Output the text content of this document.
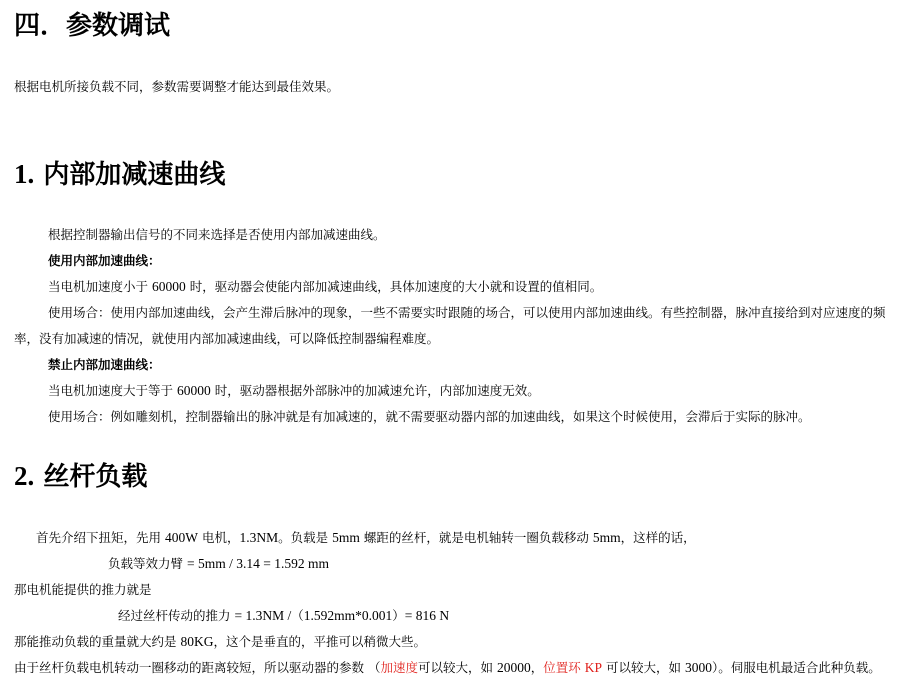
四．参数调试

根据电机所接负载不同，参数需要调整才能达到最佳效果。

1. 内部加减速曲线

根据控制器输出信号的不同来选择是否使用内部加减速曲线。

使用内部加速曲线：

当电机加速度小于 60000 时，驱动器会使能内部加减速曲线，具体加速度的大小就和设置的值相同。

使用场合：使用内部加速曲线，会产生滞后脉冲的现象，一些不需要实时跟随的场合，可以使用内部加速曲线。有些控制器，脉冲直接给到对应速度的频

率，没有加减速的情况，就使用内部加减速曲线，可以降低控制器编程难度。

禁止内部加速曲线：

当电机加速度大于等于 60000 时，驱动器根据外部脉冲的加减速允许，内部加速度无效。

使用场合：例如雕刻机，控制器输出的脉冲就是有加减速的，就不需要驱动器内部的加速曲线，如果这个时候使用，会滞后于实际的脉冲。

2. 丝杆负载

首先介绍下扭矩，先用 400W 电机，1.3NM。负载是 5mm 螺距的丝杆，就是电机轴转一圈负载移动 5mm，这样的话，

负载等效力臂 = 5mm / 3.14 = 1.592 mm

那电机能提供的推力就是

经过丝杆传动的推力 = 1.3NM /（1.592mm*0.001）= 816 N

那能推动负载的重量就大约是 80KG，这个是垂直的，平推可以稍微大些。

由于丝杆负载电机转动一圈移动的距离较短，所以驱动器的参数 （加速度可以较大，如 20000，位置环 KP 可以较大，如 3000）。伺服电机最适合此种负载。
